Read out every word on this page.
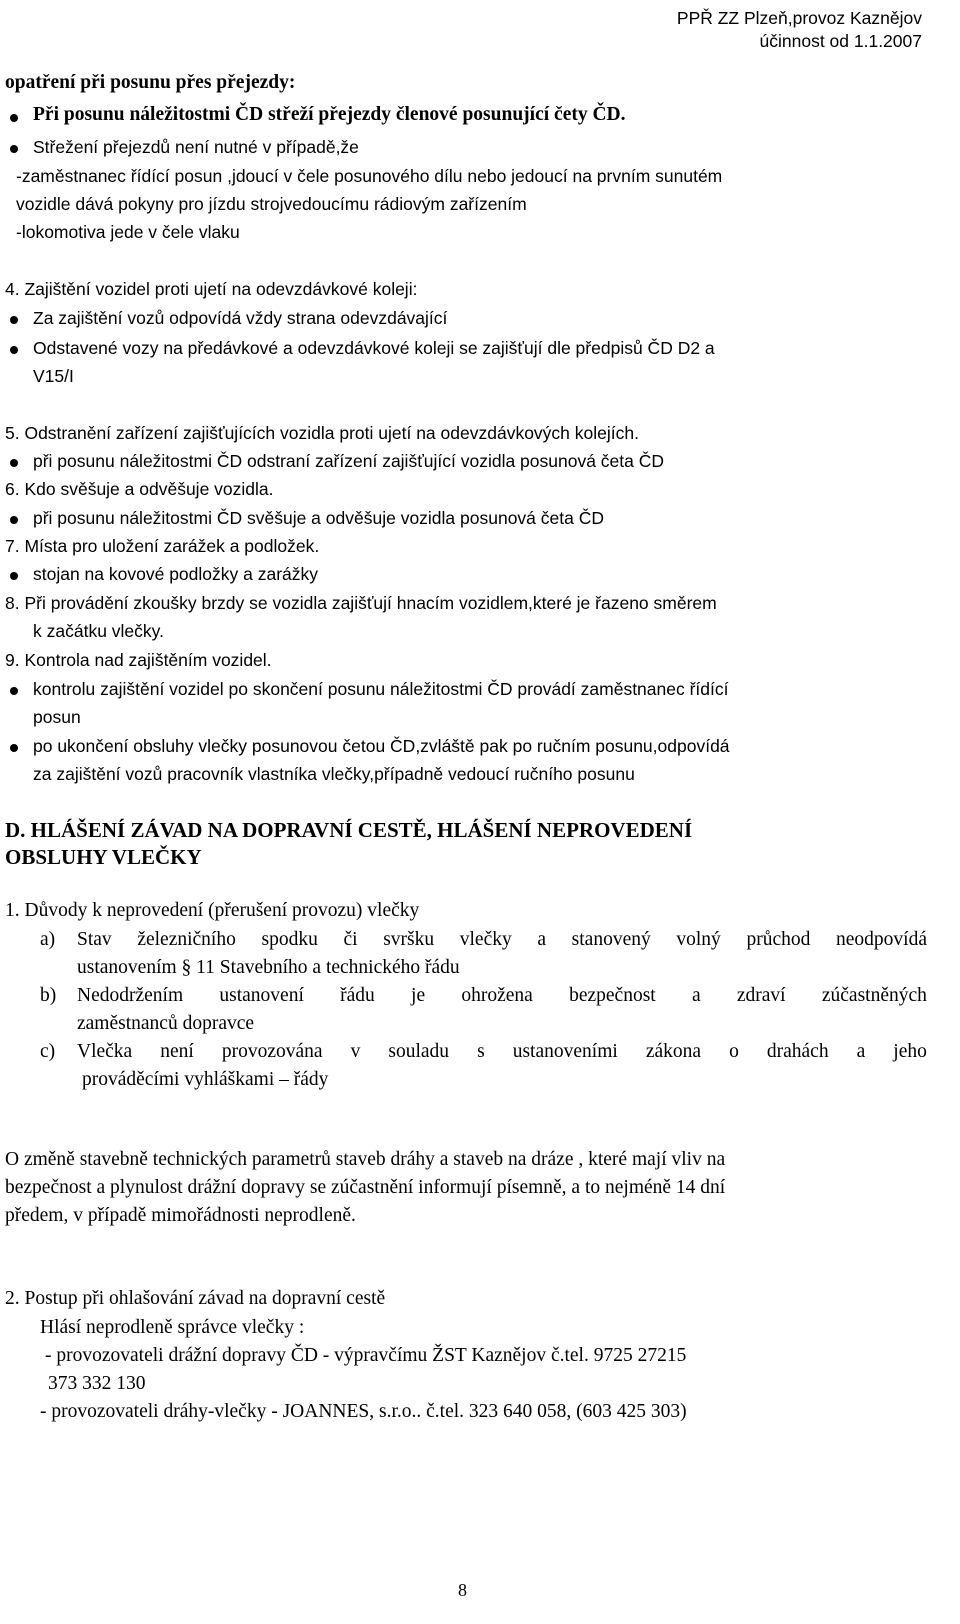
PPŘ ZZ Plzeň,provoz Kaznějov
účinnost od 1.1.2007
opatření při posunu přes přejezdy:
Při posunu náležitostmi ČD střeží přejezdy členové posunující čety ČD.
Střežení přejezdů není nutné v případě,že
-zaměstnanec řídící posun ,jdoucí v čele posunového dílu nebo jedoucí na prvním sunutém
vozidle dává pokyny pro jízdu strojvedoucímu rádiovým zařízením
-lokomotiva jede v čele vlaku
4. Zajištění vozidel proti ujetí na odevzdávkové koleji:
Za zajištění vozů odpovídá vždy strana odevzdávající
Odstavené vozy na předávkové a odevzdávkové koleji se zajišťují dle předpisů ČD D2 a
V15/I
5. Odstranění zařízení zajišťujících vozidla proti ujetí na odevzdávkových kolejích.
při posunu náležitostmi ČD odstraní zařízení zajišťující vozidla posunová četa ČD
6. Kdo svěšuje a odvěšuje vozidla.
při posunu náležitostmi ČD svěšuje a odvěšuje vozidla posunová četa ČD
7. Místa pro uložení zarážek a podložek.
stojan na kovové podložky a zarážky
8. Při provádění zkoušky brzdy se vozidla zajišťují hnacím vozidlem,které je řazeno směrem
k začátku vlečky.
9. Kontrola nad zajištěním vozidel.
kontrolu zajištění vozidel po skončení posunu náležitostmi ČD provádí zaměstnanec řídící
posun
po ukončení obsluhy vlečky posunovou četou ČD,zvláště pak po ručním posunu,odpovídá
za zajištění vozů pracovník vlastníka vlečky,případně vedoucí ručního posunu
D. HLÁŠENÍ ZÁVAD NA DOPRAVNÍ CESTĚ, HLÁŠENÍ NEPROVEDENÍ
OBSLUHY VLEČKY
1. Důvody k neprovedení (přerušení provozu) vlečky
a) Stav železničního spodku či svršku vlečky a stanovený volný průchod neodpovídá
ustanovením § 11 Stavebního a technického řádu
b) Nedodržením ustanovení řádu je ohrožena bezpečnost a zdraví zúčastněných
zaměstnanců dopravce
c) Vlečka není provozována v souladu s ustanoveními zákona o drahách a jeho
prováděcími vyhláškami – řády
O změně stavebně technických parametrů staveb dráhy a staveb na dráze , které mají vliv na
bezpečnost a plynulost drážní dopravy se zúčastnění informují písemně, a to nejméně 14 dní
předem, v případě mimořádnosti neprodleně.
2. Postup při ohlašování závad na dopravní cestě
Hlásí neprodleně správce vlečky :
- provozovateli drážní dopravy ČD - výpravčímu ŽST Kaznějov č.tel. 9725 27215
373 332 130
- provozovateli dráhy-vlečky - JOANNES, s.r.o.. č.tel. 323 640 058, (603 425 303)
8
